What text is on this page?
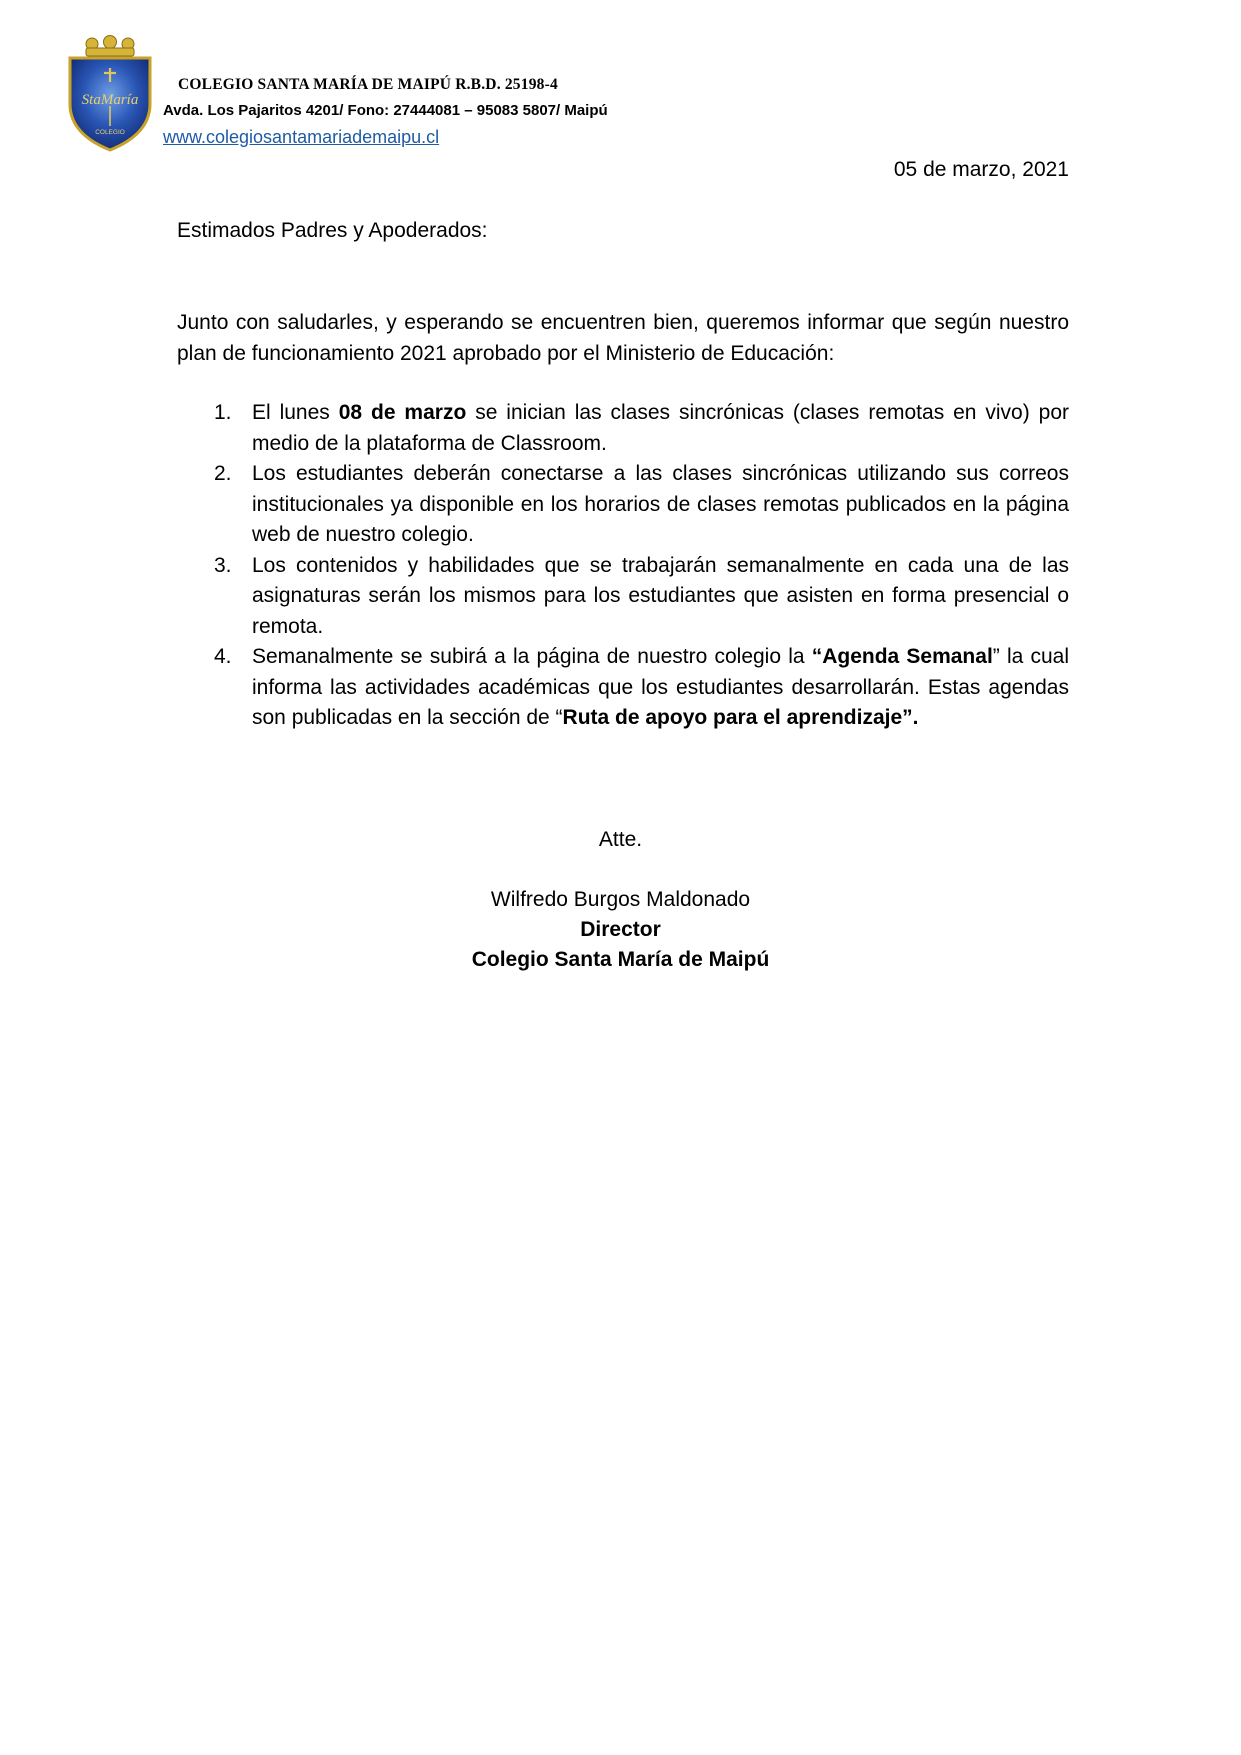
StaMaría
COLEGIO
COLEGIO SANTA MARÍA DE MAIPÚ R.B.D. 25198-4
Avda. Los Pajaritos 4201/ Fono: 27444081 – 95083 5807/ Maipú
www.colegiosantamariademaipu.cl
05 de marzo, 2021
Estimados Padres y Apoderados:
Junto con saludarles, y esperando se encuentren bien, queremos informar que según nuestro plan de funcionamiento 2021 aprobado por el Ministerio de Educación:
1. El lunes 08 de marzo se inician las clases sincrónicas (clases remotas en vivo) por medio de la plataforma de Classroom.
2. Los estudiantes deberán conectarse a las clases sincrónicas utilizando sus correos institucionales ya disponible en los horarios de clases remotas publicados en la página web de nuestro colegio.
3. Los contenidos y habilidades que se trabajarán semanalmente en cada una de las asignaturas serán los mismos para los estudiantes que asisten en forma presencial o remota.
4. Semanalmente se subirá a la página de nuestro colegio la “Agenda Semanal” la cual informa las actividades académicas que los estudiantes desarrollarán. Estas agendas son publicadas en la sección de “Ruta de apoyo para el aprendizaje”.
Atte.
Wilfredo Burgos Maldonado
Director
Colegio Santa María de Maipú
